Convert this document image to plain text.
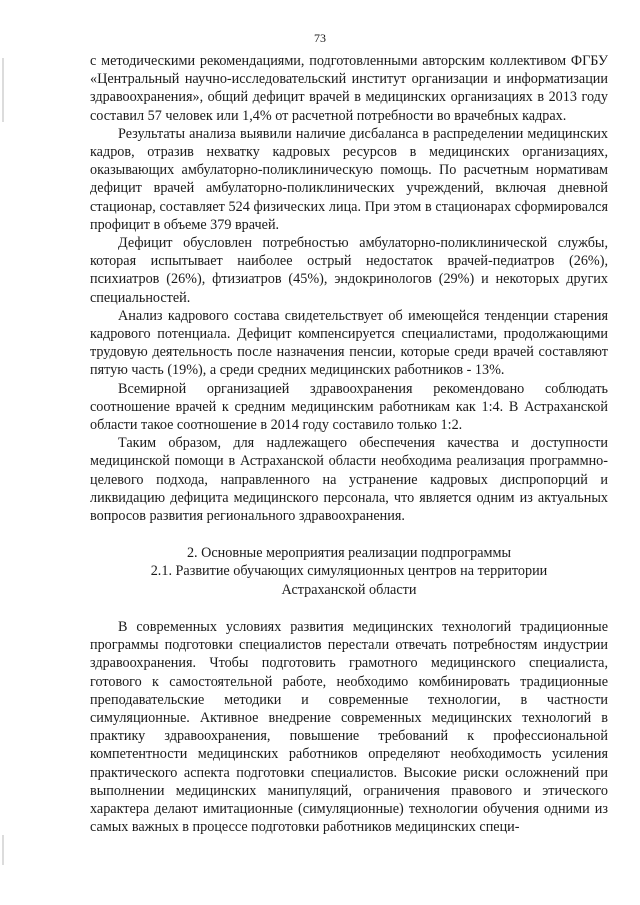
73

с методическими рекомендациями, подготовленными авторским коллективом ФГБУ «Центральный научно-исследовательский институт организации и информатизации здравоохранения», общий дефицит врачей в медицинских организациях в 2013 году составил 57 человек или 1,4% от расчетной потребности во врачебных кадрах.

Результаты анализа выявили наличие дисбаланса в распределении медицинских кадров, отразив нехватку кадровых ресурсов в медицинских организациях, оказывающих амбулаторно-поликлиническую помощь. По расчетным нормативам дефицит врачей амбулаторно-поликлинических учреждений, включая дневной стационар, составляет 524 физических лица. При этом в стационарах сформировался профицит в объеме 379 врачей.

Дефицит обусловлен потребностью амбулаторно-поликлинической службы, которая испытывает наиболее острый недостаток врачей-педиатров (26%), психиатров (26%), фтизиатров (45%), эндокринологов (29%) и некоторых других специальностей.

Анализ кадрового состава свидетельствует об имеющейся тенденции старения кадрового потенциала. Дефицит компенсируется специалистами, продолжающими трудовую деятельность после назначения пенсии, которые среди врачей составляют пятую часть (19%), а среди средних медицинских работников - 13%.

Всемирной организацией здравоохранения рекомендовано соблюдать соотношение врачей к средним медицинским работникам как 1:4. В Астраханской области такое соотношение в 2014 году составило только 1:2.

Таким образом, для надлежащего обеспечения качества и доступности медицинской помощи в Астраханской области необходима реализация программно-целевого подхода, направленного на устранение кадровых диспропорций и ликвидацию дефицита медицинского персонала, что является одним из актуальных вопросов развития регионального здравоохранения.

2. Основные мероприятия реализации подпрограммы
2.1. Развитие обучающих симуляционных центров на территории
Астраханской области

В современных условиях развития медицинских технологий традиционные программы подготовки специалистов перестали отвечать потребностям индустрии здравоохранения. Чтобы подготовить грамотного медицинского специалиста, готового к самостоятельной работе, необходимо комбинировать традиционные преподавательские методики и современные технологии, в частности симуляционные. Активное внедрение современных медицинских технологий в практику здравоохранения, повышение требований к профессиональной компетентности медицинских работников определяют необходимость усиления практического аспекта подготовки специалистов. Высокие риски осложнений при выполнении медицинских манипуляций, ограничения правового и этического характера делают имитационные (симуляционные) технологии обучения одними из самых важных в процессе подготовки работников медицинских специ-
